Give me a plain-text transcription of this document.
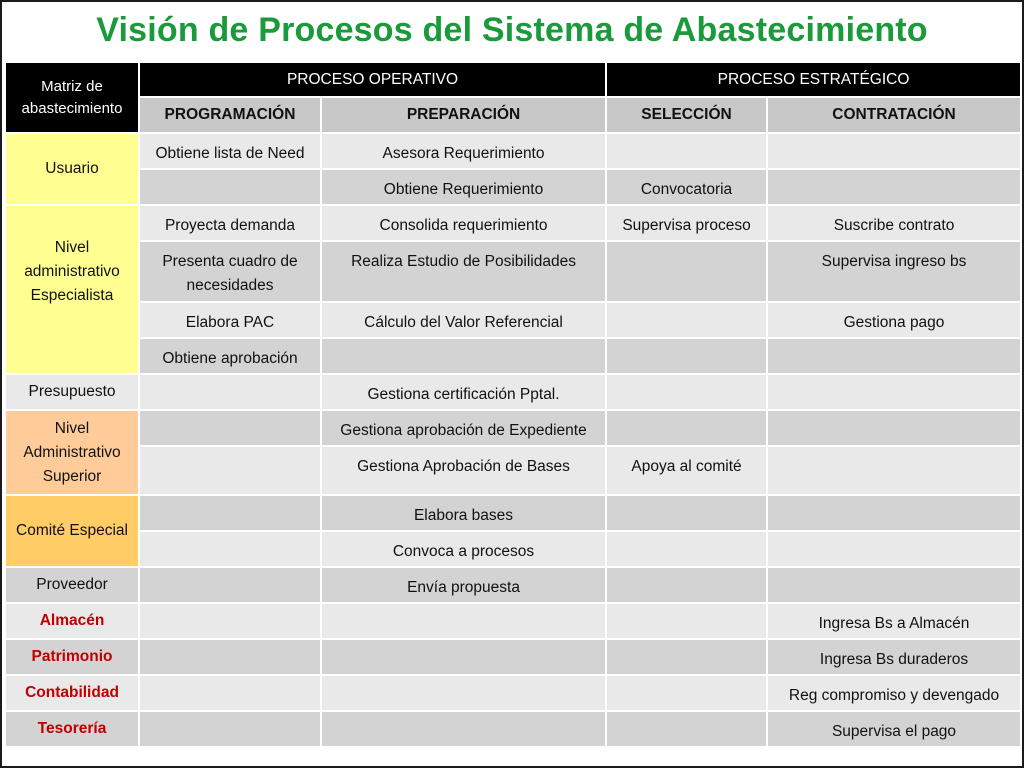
Visión de Procesos del Sistema de Abastecimiento
Matriz de abastecimiento	PROCESO OPERATIVO		PROCESO ESTRATÉGICO	
	PROGRAMACIÓN	PREPARACIÓN	SELECCIÓN	CONTRATACIÓN
Usuario	Obtiene lista de Need	Asesora Requerimiento		
		Obtiene Requerimiento	Convocatoria	
Nivel administrativo Especialista	Proyecta demanda	Consolida requerimiento	Supervisa proceso	Suscribe contrato
	Presenta cuadro de necesidades	Realiza Estudio de Posibilidades		Supervisa ingreso bs
	Elabora PAC	Cálculo del Valor Referencial		Gestiona pago
	Obtiene aprobación			
Presupuesto		Gestiona certificación Pptal.		
Nivel Administrativo Superior		Gestiona aprobación de Expediente		
		Gestiona Aprobación de Bases	Apoya al comité	
Comité Especial		Elabora bases		
		Convoca a procesos		
Proveedor		Envía propuesta		
Almacén				Ingresa Bs a Almacén
Patrimonio				Ingresa Bs duraderos
Contabilidad				Reg compromiso y devengado
Tesorería				Supervisa el pago
